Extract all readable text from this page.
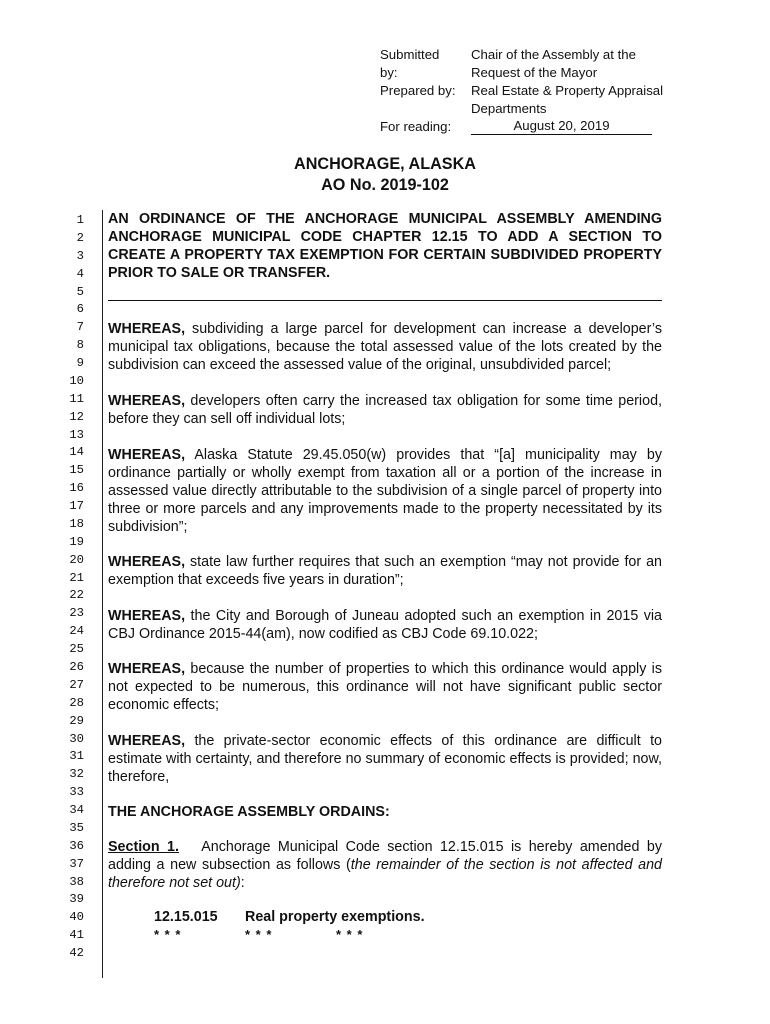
Submitted by:
Chair of the Assembly at the
Request of the Mayor
Prepared by: Real Estate & Property Appraisal
Departments
For reading:	August 20, 2019
ANCHORAGE, ALASKA
AO No. 2019-102
1
2
3
4
5
6
7
8
9
10
11
12
13
14
15
16
17
18
19
20
21
22
23
24
25
26
27
28
29
30
31
32
33
34
35
36
37
38
39
40
41
42
AN ORDINANCE OF THE ANCHORAGE MUNICIPAL ASSEMBLY AMENDING ANCHORAGE MUNICIPAL CODE CHAPTER 12.15 TO ADD A SECTION TO CREATE A PROPERTY TAX EXEMPTION FOR CERTAIN SUBDIVIDED PROPERTY PRIOR TO SALE OR TRANSFER.
WHEREAS, subdividing a large parcel for development can increase a developer’s municipal tax obligations, because the total assessed value of the lots created by the subdivision can exceed the assessed value of the original, unsubdivided parcel;
WHEREAS, developers often carry the increased tax obligation for some time period, before they can sell off individual lots;
WHEREAS, Alaska Statute 29.45.050(w) provides that “[a] municipality may by ordinance partially or wholly exempt from taxation all or a portion of the increase in assessed value directly attributable to the subdivision of a single parcel of property into three or more parcels and any improvements made to the property necessitated by its subdivision”;
WHEREAS, state law further requires that such an exemption “may not provide for an exemption that exceeds five years in duration”;
WHEREAS, the City and Borough of Juneau adopted such an exemption in 2015 via CBJ Ordinance 2015-44(am), now codified as CBJ Code 69.10.022;
WHEREAS, because the number of properties to which this ordinance would apply is not expected to be numerous, this ordinance will not have significant public sector economic effects;
WHEREAS, the private-sector economic effects of this ordinance are difficult to estimate with certainty, and therefore no summary of economic effects is provided; now, therefore,
THE ANCHORAGE ASSEMBLY ORDAINS:
Section 1. Anchorage Municipal Code section 12.15.015 is hereby amended by adding a new subsection as follows (the remainder of the section is not affected and therefore not set out):
12.15.015 Real property exemptions.
* * *	* * *	* * *
